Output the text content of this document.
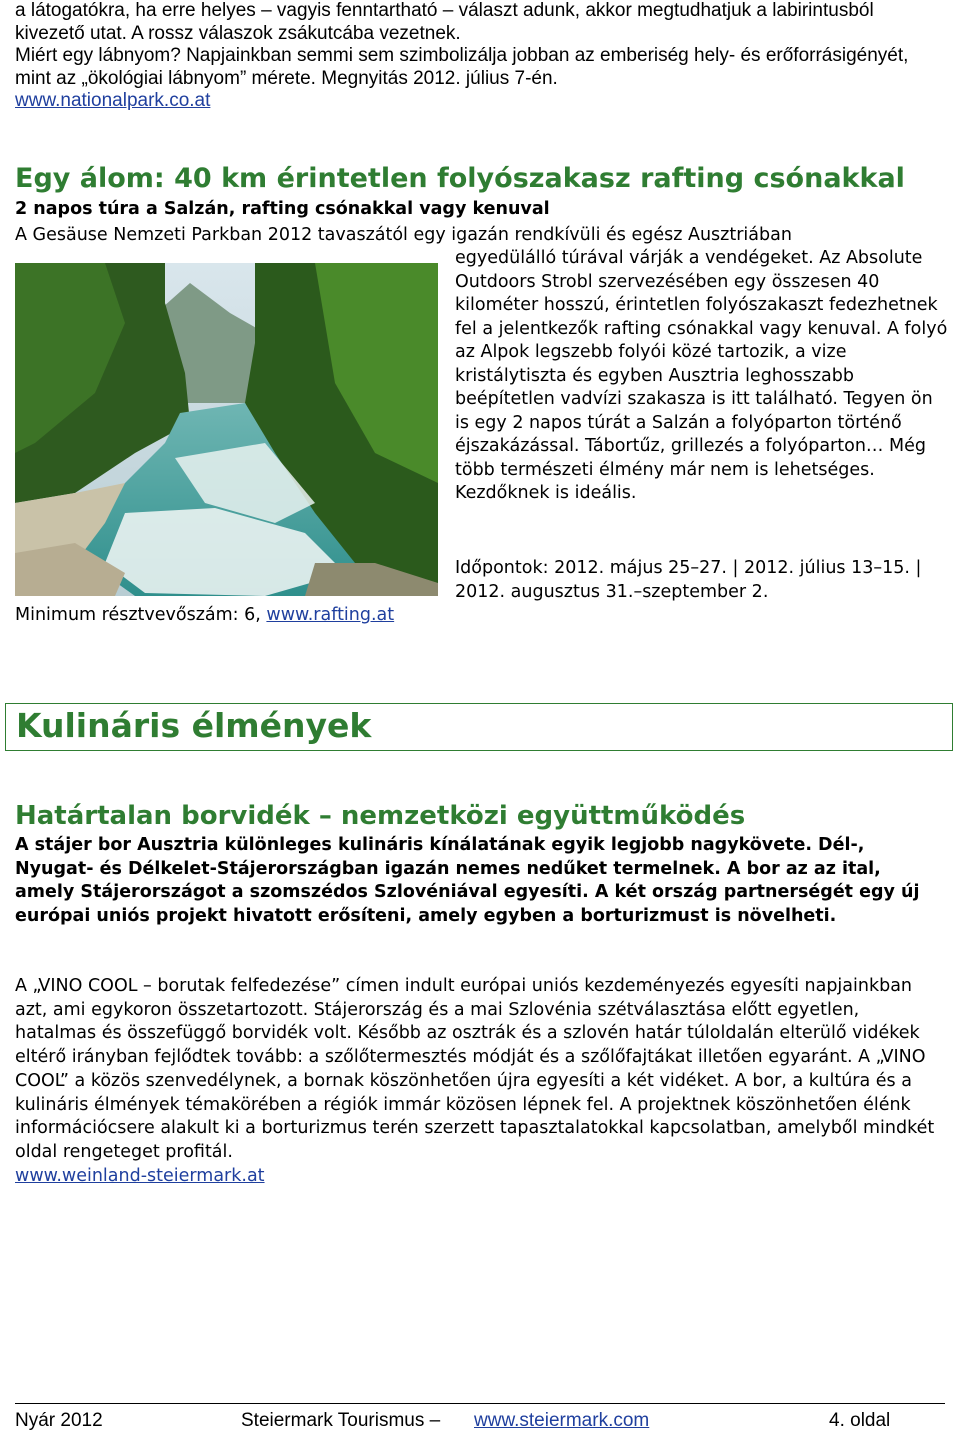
a látogatókra, ha erre helyes – vagyis fenntartható – választ adunk, akkor megtudhatjuk a labirintusból kivezető utat. A rossz válaszok zsákutcába vezetnek.

Miért egy lábnyom? Napjainkban semmi sem szimbolizálja jobban az emberiség hely- és erőforrásigényét, mint az „ökológiai lábnyom” mérete. Megnyitás 2012. július 7-én.

www.nationalpark.co.at

Egy álom: 40 km érintetlen folyószakasz rafting csónakkal
2 napos túra a Salzán, rafting csónakkal vagy kenuval

A Gesäuse Nemzeti Parkban 2012 tavaszától egy igazán rendkívüli és egész Ausztriában

egyedülálló túrával várják a vendégeket. Az Absolute Outdoors Strobl szervezésében egy összesen 40 kilométer hosszú, érintetlen folyószakaszt fedezhetnek fel a jelentkezők rafting csónakkal vagy kenuval. A folyó az Alpok legszebb folyói közé tartozik, a vize kristálytiszta és egyben Ausztria leghosszabb beépítetlen vadvízi szakasza is itt található. Tegyen ön is egy 2 napos túrát a Salzán a folyóparton történő éjszakázással. Tábortűz, grillezés a folyóparton… Még több természeti élmény már nem is lehetséges. Kezdőknek is ideális.

Időpontok: 2012. május 25–27. | 2012. július 13–15. | 2012. augusztus 31.–szeptember 2.

Minimum résztvevőszám: 6, www.rafting.at

Kulináris élmények
Határtalan borvidék – nemzetközi együttműködés

A stájer bor Ausztria különleges kulináris kínálatának egyik legjobb nagykövete. Dél-, Nyugat- és Délkelet-Stájerországban igazán nemes nedűket termelnek. A bor az az ital, amely Stájerországot a szomszédos Szlovéniával egyesíti. A két ország partnerségét egy új európai uniós projekt hivatott erősíteni, amely egyben a borturizmust is növelheti.

A „VINO COOL – borutak felfedezése” címen indult európai uniós kezdeményezés egyesíti napjainkban azt, ami egykoron összetartozott. Stájerország és a mai Szlovénia szétválasztása előtt egyetlen, hatalmas és összefüggő borvidék volt. Később az osztrák és a szlovén határ túloldalán elterülő vidékek eltérő irányban fejlődtek tovább: a szőlőtermesztés módját és a szőlőfajtákat illetően egyaránt. A „VINO COOL” a közös szenvedélynek, a bornak köszönhetően újra egyesíti a két vidéket. A bor, a kultúra és a kulináris élmények témakörében a régiók immár közösen lépnek fel. A projektnek köszönhetően élénk információcsere alakult ki a borturizmus terén szerzett tapasztalatokkal kapcsolatban, amelyből mindkét oldal rengeteget profitál.
www.weinland-steiermark.at
Nyár 2012	Steiermark Tourismus – www.steiermark.com	4. oldal
